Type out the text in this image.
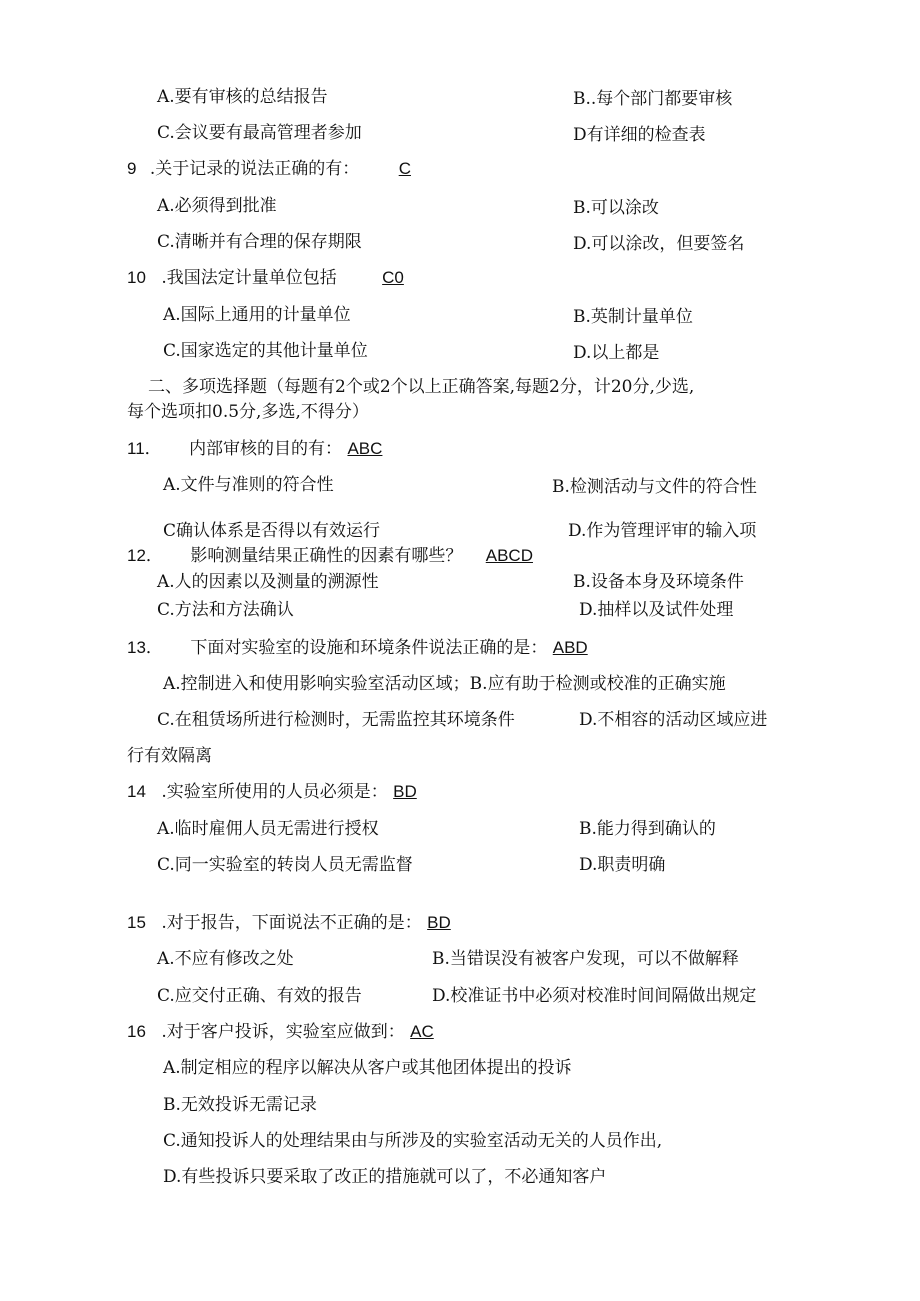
A.要有审核的总结报告	B..每个部门都要审核
C.会议要有最高管理者参加	D有详细的检查表
9 .关于记录的说法正确的有： C
A.必须得到批准	B.可以涂改
C.清晰并有合理的保存期限	D.可以涂改，但要签名
10 .我国法定计量单位包括	C0
A.国际上通用的计量单位	B.英制计量单位
C.国家选定的其他计量单位	D.以上都是
二、多项选择题（每题有2个或2个以上正确答案,每题2分，计20分,少选,
每个选项扣0.5分,多选,不得分）
11． 内部审核的目的有： ABC
A.文件与准则的符合性	B.检测活动与文件的符合性
C确认体系是否得以有效运行	D.作为管理评审的输入项
12． 影响测量结果正确性的因素有哪些？ ABCD
A.人的因素以及测量的溯源性	B.设备本身及环境条件
C.方法和方法确认	D.抽样以及试件处理
13． 下面对实验室的设施和环境条件说法正确的是： ABD
A.控制进入和使用影响实验室活动区域；B.应有助于检测或校准的正确实施
C.在租赁场所进行检测时，无需监控其环境条件	D.不相容的活动区域应进
行有效隔离
14 .实验室所使用的人员必须是： BD
A.临时雇佣人员无需进行授权	B.能力得到确认的
C.同一实验室的转岗人员无需监督	D.职责明确
15 .对于报告，下面说法不正确的是： BD
A.不应有修改之处	B.当错误没有被客户发现，可以不做解释
C.应交付正确、有效的报告	D.校准证书中必须对校准时间间隔做出规定
16 .对于客户投诉，实验室应做到： AC
A.制定相应的程序以解决从客户或其他团体提出的投诉
B.无效投诉无需记录
C.通知投诉人的处理结果由与所涉及的实验室活动无关的人员作出,
D.有些投诉只要采取了改正的措施就可以了，不必通知客户
